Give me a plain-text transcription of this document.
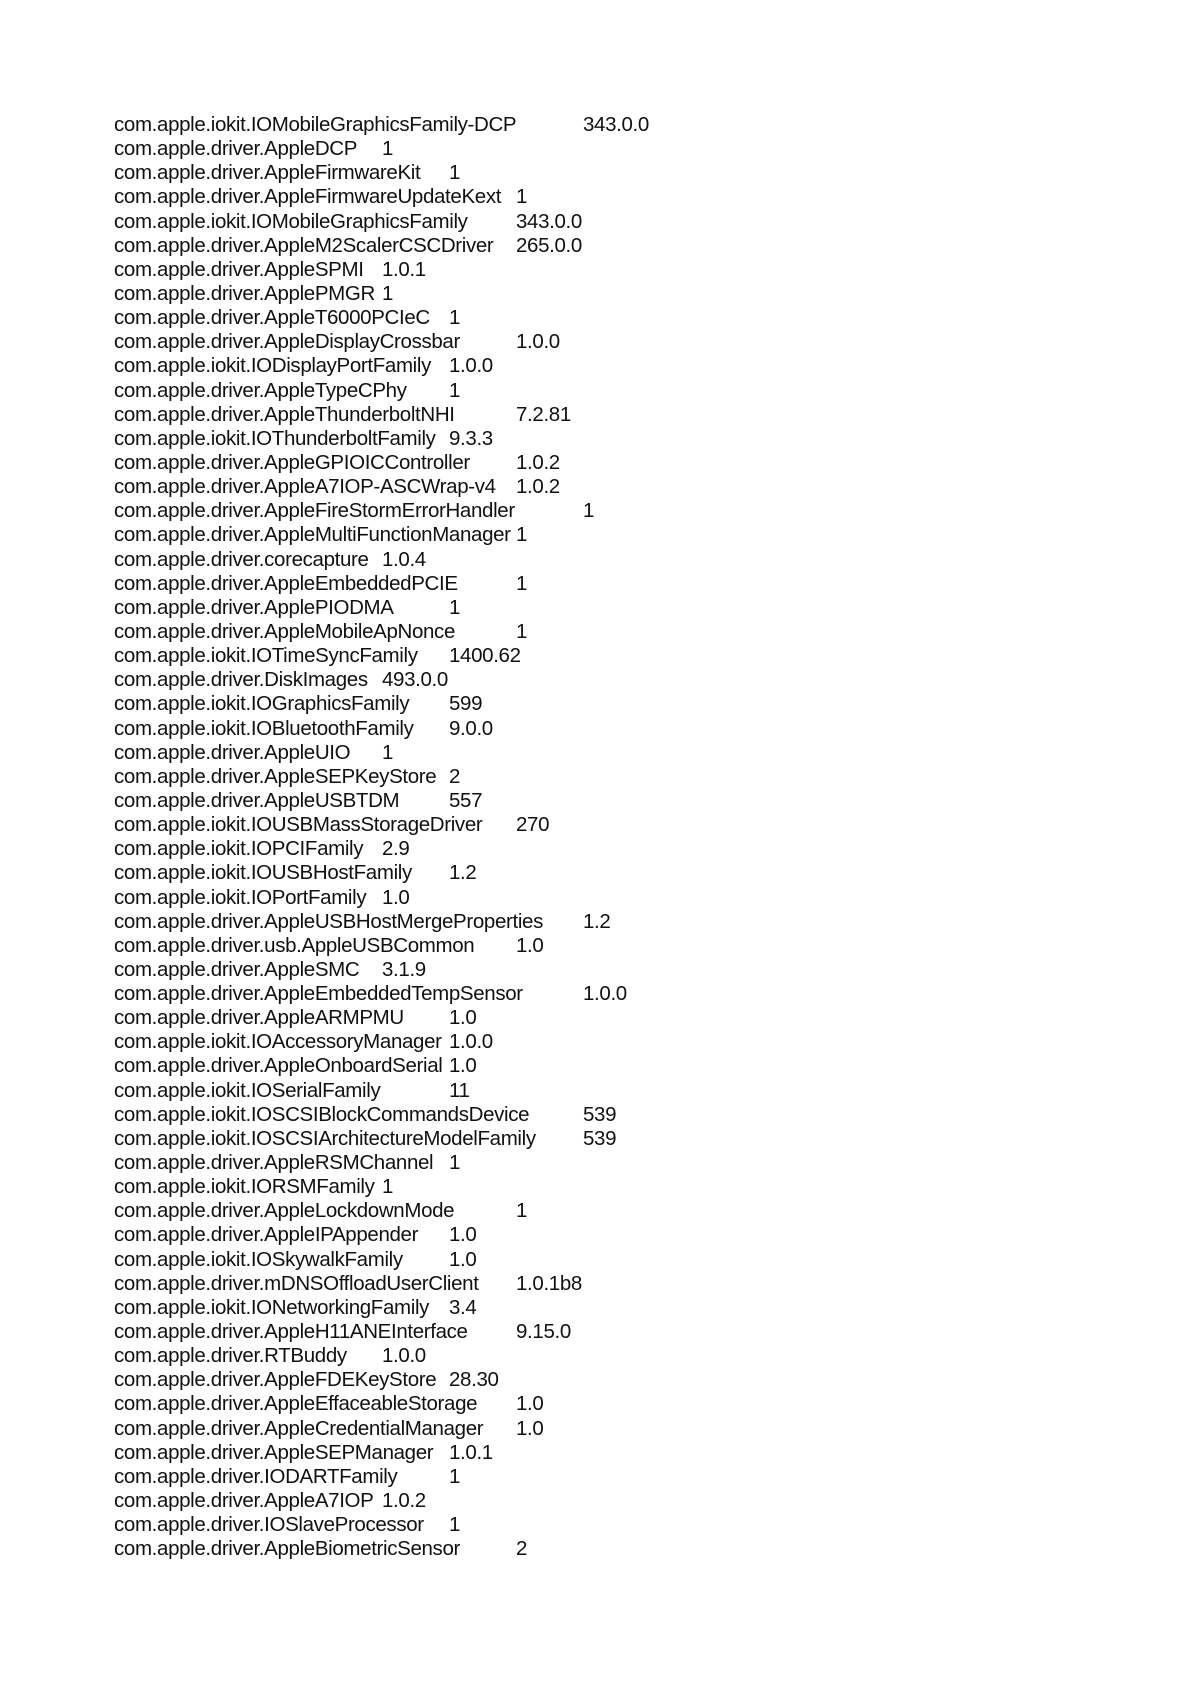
com.apple.iokit.IOMobileGraphicsFamily-DCP	343.0.0
com.apple.driver.AppleDCP 1
com.apple.driver.AppleFirmwareKit 1
com.apple.driver.AppleFirmwareUpdateKext 1
com.apple.iokit.IOMobileGraphicsFamily 343.0.0
com.apple.driver.AppleM2ScalerCSCDriver 265.0.0
com.apple.driver.AppleSPMI 1.0.1
com.apple.driver.ApplePMGR 1
com.apple.driver.AppleT6000PCIeC 1
com.apple.driver.AppleDisplayCrossbar	1.0.0
com.apple.iokit.IODisplayPortFamily 1.0.0
com.apple.driver.AppleTypeCPhy 1
com.apple.driver.AppleThunderboltNHI	7.2.81
com.apple.iokit.IOThunderboltFamily 9.3.3
com.apple.driver.AppleGPIOICController 1.0.2
com.apple.driver.AppleA7IOP-ASCWrap-v4 1.0.2
com.apple.driver.AppleFireStormErrorHandler	1
com.apple.driver.AppleMultiFunctionManager 1
com.apple.driver.corecapture 1.0.4
com.apple.driver.AppleEmbeddedPCIE	1
com.apple.driver.ApplePIODMA	1
com.apple.driver.AppleMobileApNonce	1
com.apple.iokit.IOTimeSyncFamily 1400.62
com.apple.driver.DiskImages 493.0.0
com.apple.iokit.IOGraphicsFamily 599
com.apple.iokit.IOBluetoothFamily 9.0.0
com.apple.driver.AppleUIO 1
com.apple.driver.AppleSEPKeyStore 2
com.apple.driver.AppleUSBTDM 557
com.apple.iokit.IOUSBMassStorageDriver 270
com.apple.iokit.IOPCIFamily 2.9
com.apple.iokit.IOUSBHostFamily 1.2
com.apple.iokit.IOPortFamily 1.0
com.apple.driver.AppleUSBHostMergeProperties 1.2
com.apple.driver.usb.AppleUSBCommon 1.0
com.apple.driver.AppleSMC 3.1.9
com.apple.driver.AppleEmbeddedTempSensor	1.0.0
com.apple.driver.AppleARMPMU 1.0
com.apple.iokit.IOAccessoryManager 1.0.0
com.apple.driver.AppleOnboardSerial 1.0
com.apple.iokit.IOSerialFamily	11
com.apple.iokit.IOSCSIBlockCommandsDevice	539
com.apple.iokit.IOSCSIArchitectureModelFamily 539
com.apple.driver.AppleRSMChannel 1
com.apple.iokit.IORSMFamily 1
com.apple.driver.AppleLockdownMode	1
com.apple.driver.AppleIPAppender 1.0
com.apple.iokit.IOSkywalkFamily 1.0
com.apple.driver.mDNSOffloadUserClient 1.0.1b8
com.apple.iokit.IONetworkingFamily 3.4
com.apple.driver.AppleH11ANEInterface 9.15.0
com.apple.driver.RTBuddy 1.0.0
com.apple.driver.AppleFDEKeyStore 28.30
com.apple.driver.AppleEffaceableStorage 1.0
com.apple.driver.AppleCredentialManager 1.0
com.apple.driver.AppleSEPManager 1.0.1
com.apple.driver.IODARTFamily	1
com.apple.driver.AppleA7IOP 1.0.2
com.apple.driver.IOSlaveProcessor 1
com.apple.driver.AppleBiometricSensor	2
